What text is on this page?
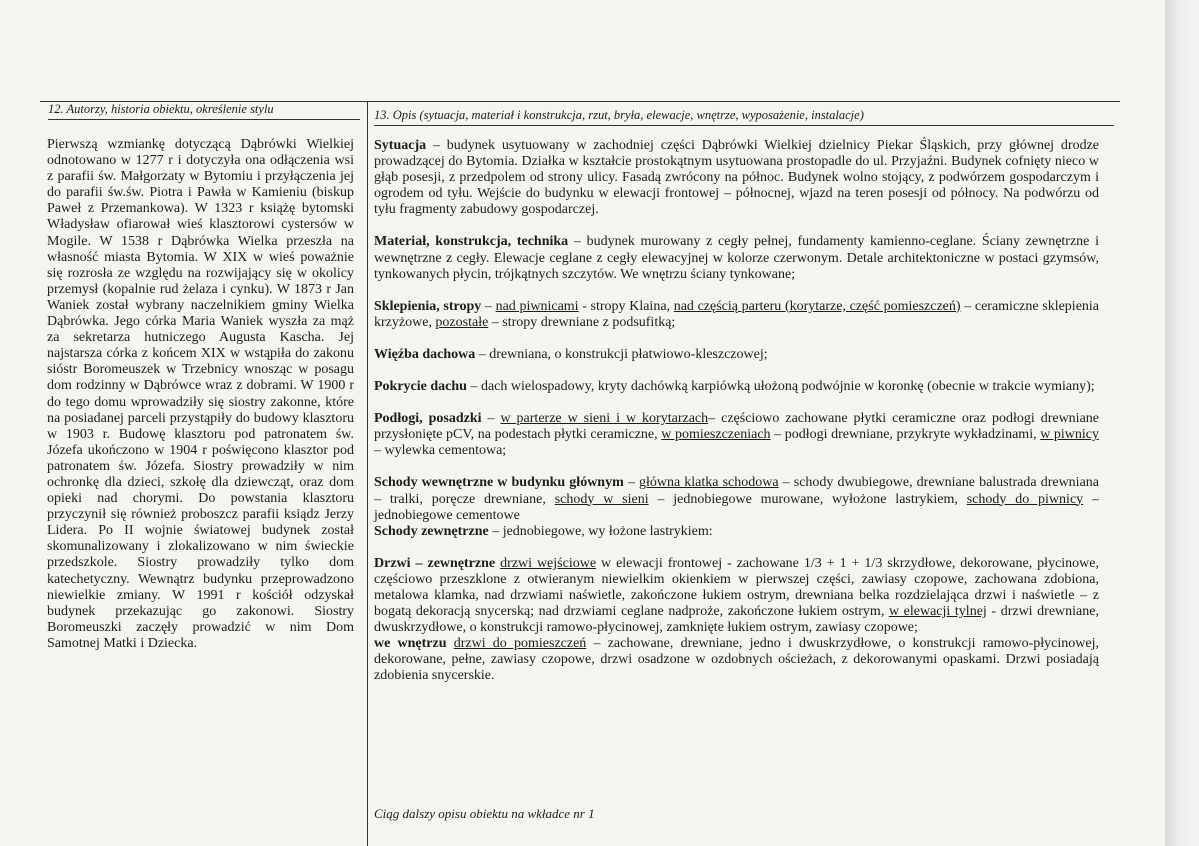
12. Autorzy, historia obiektu, określenie stylu	13. Opis (sytuacja, materiał i konstrukcja, rzut, bryła, elewacje, wnętrze, wyposażenie, instalacje)

Pierwszą wzmiankę dotyczącą Dąbrówki Wielkiej odnotowano w 1277 r i dotyczyła ona odłączenia wsi z parafii św. Małgorzaty w Bytomiu i przyłączenia jej do parafii św.św. Piotra i Pawła w Kamieniu (biskup Paweł z Przemankowa). W 1323 r książę bytomski Władysław ofiarował wieś klasztorowi cystersów w Mogile. W 1538 r Dąbrówka Wielka przeszła na własność miasta Bytomia. W XIX w wieś poważnie się rozrosła ze względu na rozwijający się w okolicy przemysł (kopalnie rud żelaza i cynku). W 1873 r Jan Waniek został wybrany naczelnikiem gminy Wielka Dąbrówka. Jego córka Maria Waniek wyszła za mąż za sekretarza hutniczego Augusta Kascha. Jej najstarsza córka z końcem XIX w wstąpiła do zakonu sióstr Boromeuszek w Trzebnicy wnosząc w posagu dom rodzinny w Dąbrówce wraz z dobrami. W 1900 r do tego domu wprowadziły się siostry zakonne, które na posiadanej parceli przystąpiły do budowy klasztoru w 1903 r. Budowę klasztoru pod patronatem św. Józefa ukończono w 1904 r poświęcono klasztor pod patronatem św. Józefa. Siostry prowadziły w nim ochronkę dla dzieci, szkołę dla dziewcząt, oraz dom opieki nad chorymi. Do powstania klasztoru przyczynił się również proboszcz parafii ksiądz Jerzy Lidera. Po II wojnie światowej budynek został skomunalizowany i zlokalizowano w nim świeckie przedszkole. Siostry prowadziły tylko dom katechetyczny. Wewnątrz budynku przeprowadzono niewielkie zmiany. W 1991 r kościół odzyskał budynek przekazując go zakonowi. Siostry Boromeuszki zaczęły prowadzić w nim Dom Samotnej Matki i Dziecka.

Sytuacja – budynek usytuowany w zachodniej części Dąbrówki Wielkiej dzielnicy Piekar Śląskich, przy głównej drodze prowadzącej do Bytomia. Działka w kształcie prostokątnym usytuowana prostopadle do ul. Przyjaźni. Budynek cofnięty nieco w głąb posesji, z przedpolem od strony ulicy. Fasadą zwrócony na północ. Budynek wolno stojący, z podwórzem gospodarczym i ogrodem od tyłu. Wejście do budynku w elewacji frontowej – północnej, wjazd na teren posesji od północy. Na podwórzu od tyłu fragmenty zabudowy gospodarczej.

Materiał, konstrukcja, technika – budynek murowany z cegły pełnej, fundamenty kamienno-ceglane. Ściany zewnętrzne i wewnętrzne z cegły. Elewacje ceglane z cegły elewacyjnej w kolorze czerwonym. Detale architektoniczne w postaci gzymsów, tynkowanych płycin, trójkątnych szczytów. We wnętrzu ściany tynkowane;

Sklepienia, stropy – nad piwnicami - stropy Klaina, nad częścią parteru (korytarze, część pomieszczeń) – ceramiczne sklepienia krzyżowe, pozostałe – stropy drewniane z podsufitką;

Więźba dachowa – drewniana, o konstrukcji płatwiowo-kleszczowej;

Pokrycie dachu – dach wielospadowy, kryty dachówką karpiówką ułożoną podwójnie w koronkę (obecnie w trakcie wymiany);

Podłogi, posadzki – w parterze w sieni i w korytarzach– częściowo zachowane płytki ceramiczne oraz podłogi drewniane przysłonięte pCV, na podestach płytki ceramiczne, w pomieszczeniach – podłogi drewniane, przykryte wykładzinami, w piwnicy – wylewka cementowa;

Schody wewnętrzne w budynku głównym – główna klatka schodowa – schody dwubiegowe, drewniane balustrada drewniana – tralki, poręcze drewniane, schody w sieni – jednobiegowe murowane, wyłożone lastrykiem, schody do piwnicy – jednobiegowe cementowe

Schody zewnętrzne – jednobiegowe, wy łożone lastrykiem:

Drzwi – zewnętrzne drzwi wejściowe w elewacji frontowej - zachowane 1/3 + 1 + 1/3 skrzydłowe, dekorowane, płycinowe, częściowo przeszklone z otwieranym niewielkim okienkiem w pierwszej części, zawiasy czopowe, zachowana zdobiona, metalowa klamka, nad drzwiami naświetle, zakończone łukiem ostrym, drewniana belka rozdzielająca drzwi i naświetle – z bogatą dekoracją snycerską; nad drzwiami ceglane nadproże, zakończone łukiem ostrym, w elewacji tylnej - drzwi drewniane, dwuskrzydłowe, o konstrukcji ramowo-płycinowej, zamknięte łukiem ostrym, zawiasy czopowe;

we wnętrzu drzwi do pomieszczeń – zachowane, drewniane, jedno i dwuskrzydłowe, o konstrukcji ramowo-płycinowej, dekorowane, pełne, zawiasy czopowe, drzwi osadzone w ozdobnych ościeżach, z dekorowanymi opaskami. Drzwi posiadają zdobienia snycerskie.

Ciąg dalszy opisu obiektu na wkładce nr 1
